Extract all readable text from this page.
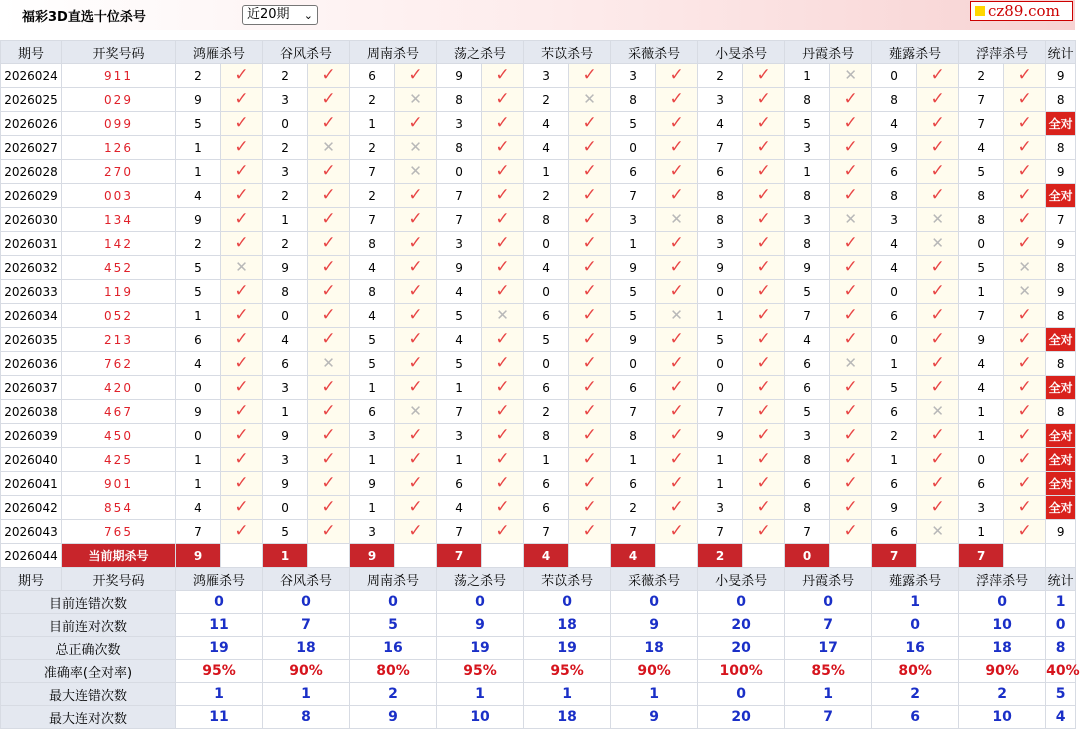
福彩3D直选十位杀号	近20期 ⌄	cz89.com
期号	开奖号码	鸿雁杀号		谷风杀号		周南杀号		荡之杀号		芣苡杀号		采薇杀号		小旻杀号		丹霞杀号		薤露杀号		浮萍杀号		统计
2026024	911	2	✓	2	✓	6	✓	9	✓	3	✓	3	✓	2	✓	1	✕	0	✓	2	✓	9
2026025	029	9	✓	3	✓	2	✕	8	✓	2	✕	8	✓	3	✓	8	✓	8	✓	7	✓	8
2026026	099	5	✓	0	✓	1	✓	3	✓	4	✓	5	✓	4	✓	5	✓	4	✓	7	✓	全对
2026027	126	1	✓	2	✕	2	✕	8	✓	4	✓	0	✓	7	✓	3	✓	9	✓	4	✓	8
2026028	270	1	✓	3	✓	7	✕	0	✓	1	✓	6	✓	6	✓	1	✓	6	✓	5	✓	9
2026029	003	4	✓	2	✓	2	✓	7	✓	2	✓	7	✓	8	✓	8	✓	8	✓	8	✓	全对
2026030	134	9	✓	1	✓	7	✓	7	✓	8	✓	3	✕	8	✓	3	✕	3	✕	8	✓	7
2026031	142	2	✓	2	✓	8	✓	3	✓	0	✓	1	✓	3	✓	8	✓	4	✕	0	✓	9
2026032	452	5	✕	9	✓	4	✓	9	✓	4	✓	9	✓	9	✓	9	✓	4	✓	5	✕	8
2026033	119	5	✓	8	✓	8	✓	4	✓	0	✓	5	✓	0	✓	5	✓	0	✓	1	✕	9
2026034	052	1	✓	0	✓	4	✓	5	✕	6	✓	5	✕	1	✓	7	✓	6	✓	7	✓	8
2026035	213	6	✓	4	✓	5	✓	4	✓	5	✓	9	✓	5	✓	4	✓	0	✓	9	✓	全对
2026036	762	4	✓	6	✕	5	✓	5	✓	0	✓	0	✓	0	✓	6	✕	1	✓	4	✓	8
2026037	420	0	✓	3	✓	1	✓	1	✓	6	✓	6	✓	0	✓	6	✓	5	✓	4	✓	全对
2026038	467	9	✓	1	✓	6	✕	7	✓	2	✓	7	✓	7	✓	5	✓	6	✕	1	✓	8
2026039	450	0	✓	9	✓	3	✓	3	✓	8	✓	8	✓	9	✓	3	✓	2	✓	1	✓	全对
2026040	425	1	✓	3	✓	1	✓	1	✓	1	✓	1	✓	1	✓	8	✓	1	✓	0	✓	全对
2026041	901	1	✓	9	✓	9	✓	6	✓	6	✓	6	✓	1	✓	6	✓	6	✓	6	✓	全对
2026042	854	4	✓	0	✓	1	✓	4	✓	6	✓	2	✓	3	✓	8	✓	9	✓	3	✓	全对
2026043	765	7	✓	5	✓	3	✓	7	✓	7	✓	7	✓	7	✓	7	✓	6	✕	1	✓	9
2026044	当前期杀号	9		1		9		7		4		4		2		0		7		7		
期号	开奖号码	鸿雁杀号		谷风杀号		周南杀号		荡之杀号		芣苡杀号		采薇杀号		小旻杀号		丹霞杀号		薤露杀号		浮萍杀号		统计
目前连错次数		0		0		0		0		0		0		0		0		1		0		1
目前连对次数		11		7		5		9		18		9		20		7		0		10		0
总正确次数		19		18		16		19		19		18		20		17		16		18		8
准确率(全对率)		95%		90%		80%		95%		95%		90%		100%		85%		80%		90%		40%
最大连错次数		1		1		2		1		1		1		0		1		2		2		5
最大连对次数		11		8		9		10		18		9		20		7		6		10		4
